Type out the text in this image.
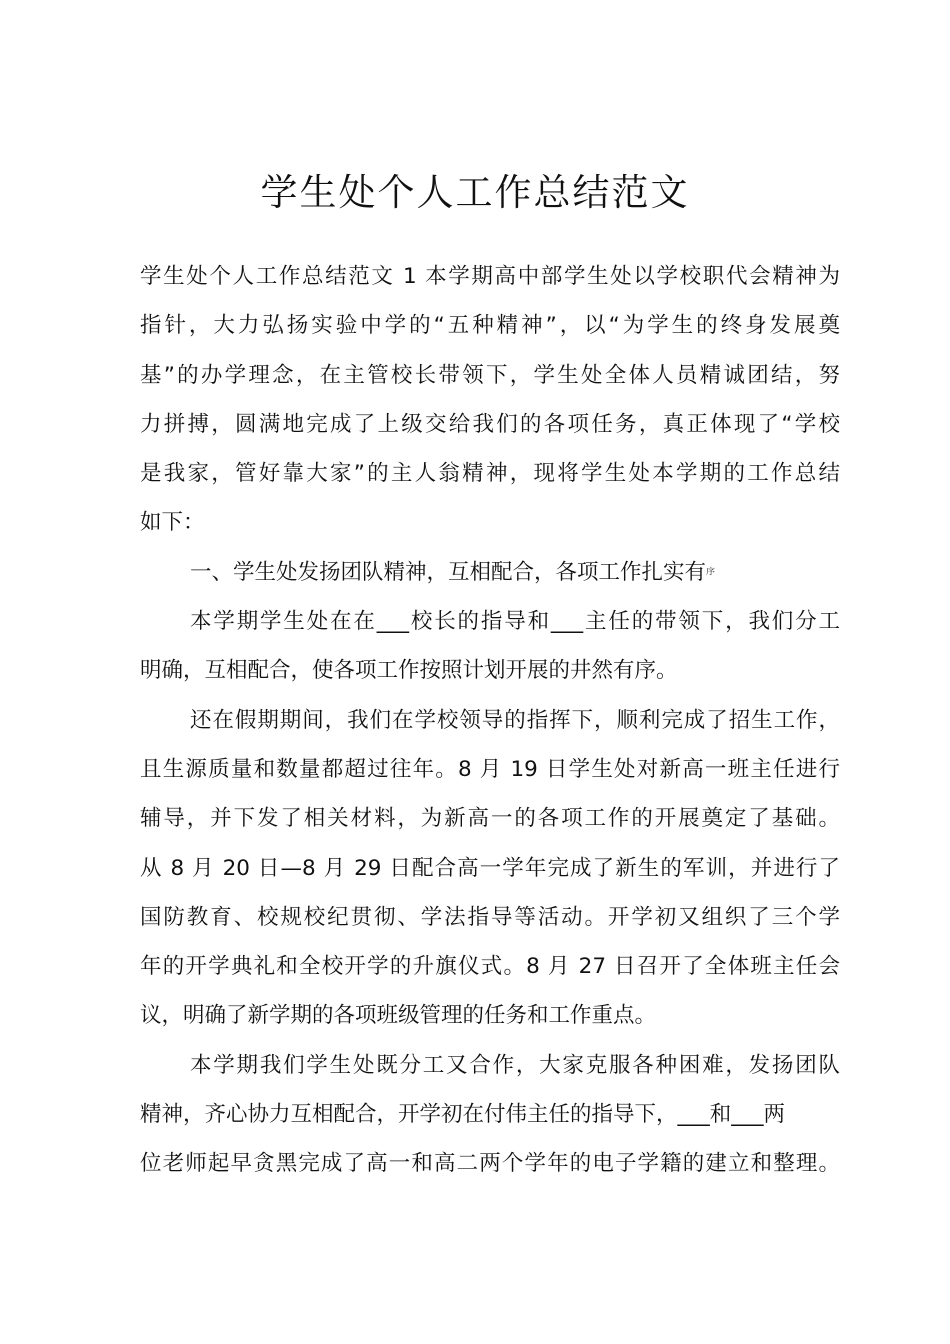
学生处个人工作总结范文
学生处个人工作总结范文 1 本学期高中部学生处以学校职代会精神为
指针，大力弘扬实验中学的“五种精神”，以“为学生的终身发展奠
基”的办学理念，在主管校长带领下，学生处全体人员精诚团结，努
力拼搏，圆满地完成了上级交给我们的各项任务，真正体现了“学校
是我家，管好靠大家”的主人翁精神，现将学生处本学期的工作总结
如下：
一、学生处发扬团队精神，互相配合，各项工作扎实有序
本学期学生处在在___校长的指导和___主任的带领下，我们分工
明确，互相配合，使各项工作按照计划开展的井然有序。
还在假期期间，我们在学校领导的指挥下，顺利完成了招生工作，
且生源质量和数量都超过往年。8 月 19 日学生处对新高一班主任进行
辅导，并下发了相关材料，为新高一的各项工作的开展奠定了基础。
从 8 月 20 日—8 月 29 日配合高一学年完成了新生的军训，并进行了
国防教育、校规校纪贯彻、学法指导等活动。开学初又组织了三个学
年的开学典礼和全校开学的升旗仪式。8 月 27 日召开了全体班主任会
议，明确了新学期的各项班级管理的任务和工作重点。
本学期我们学生处既分工又合作，大家克服各种困难，发扬团队
精神，齐心协力互相配合，开学初在付伟主任的指导下，___和___两
位老师起早贪黑完成了高一和高二两个学年的电子学籍的建立和整理。
